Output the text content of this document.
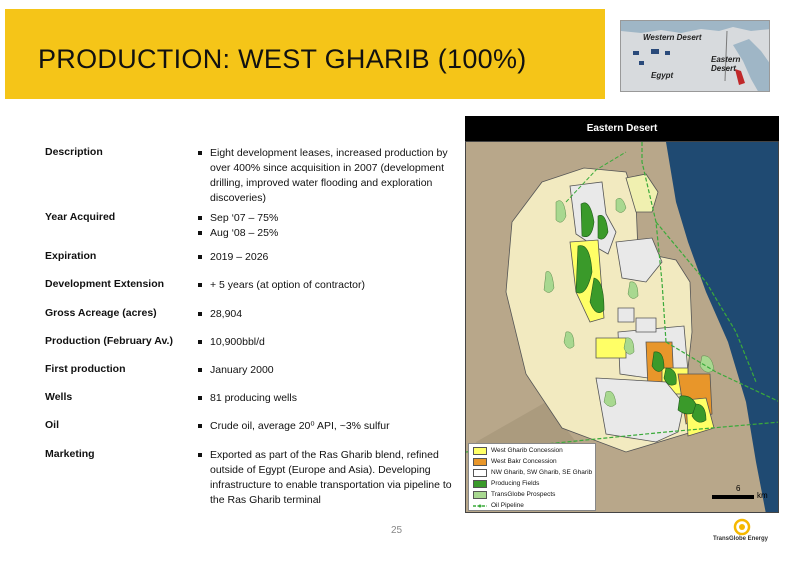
PRODUCTION: WEST GHARIB (100%)
Western Desert
Eastern Desert
Egypt
Description	Eight development leases, increased production by over 400% since acquisition in 2007 (development drilling, improved water flooding and exploration discoveries)
Year Acquired	Sep ‘07 – 75%
Aug ‘08 – 25%
Expiration	2019 – 2026
Development Extension	+ 5 years (at option of contractor)
Gross Acreage (acres)	28,904
Production (February Av.)	10,900bbl/d
First production	January 2000
Wells	81 producing wells
Oil	Crude oil, average 20⁰ API, ~3% sulfur
Marketing	Exported as part of the Ras Gharib blend, refined outside of Egypt (Europe and Asia). Developing infrastructure to enable transportation via pipeline to the Ras Gharib terminal
Eastern Desert
West Gharib Concession
West Bakr Concession
NW Gharib, SW Gharib, SE Gharib
Producing Fields
TransGlobe Prospects
Oil Pipeline
6
km
25
TransGlobe Energy
